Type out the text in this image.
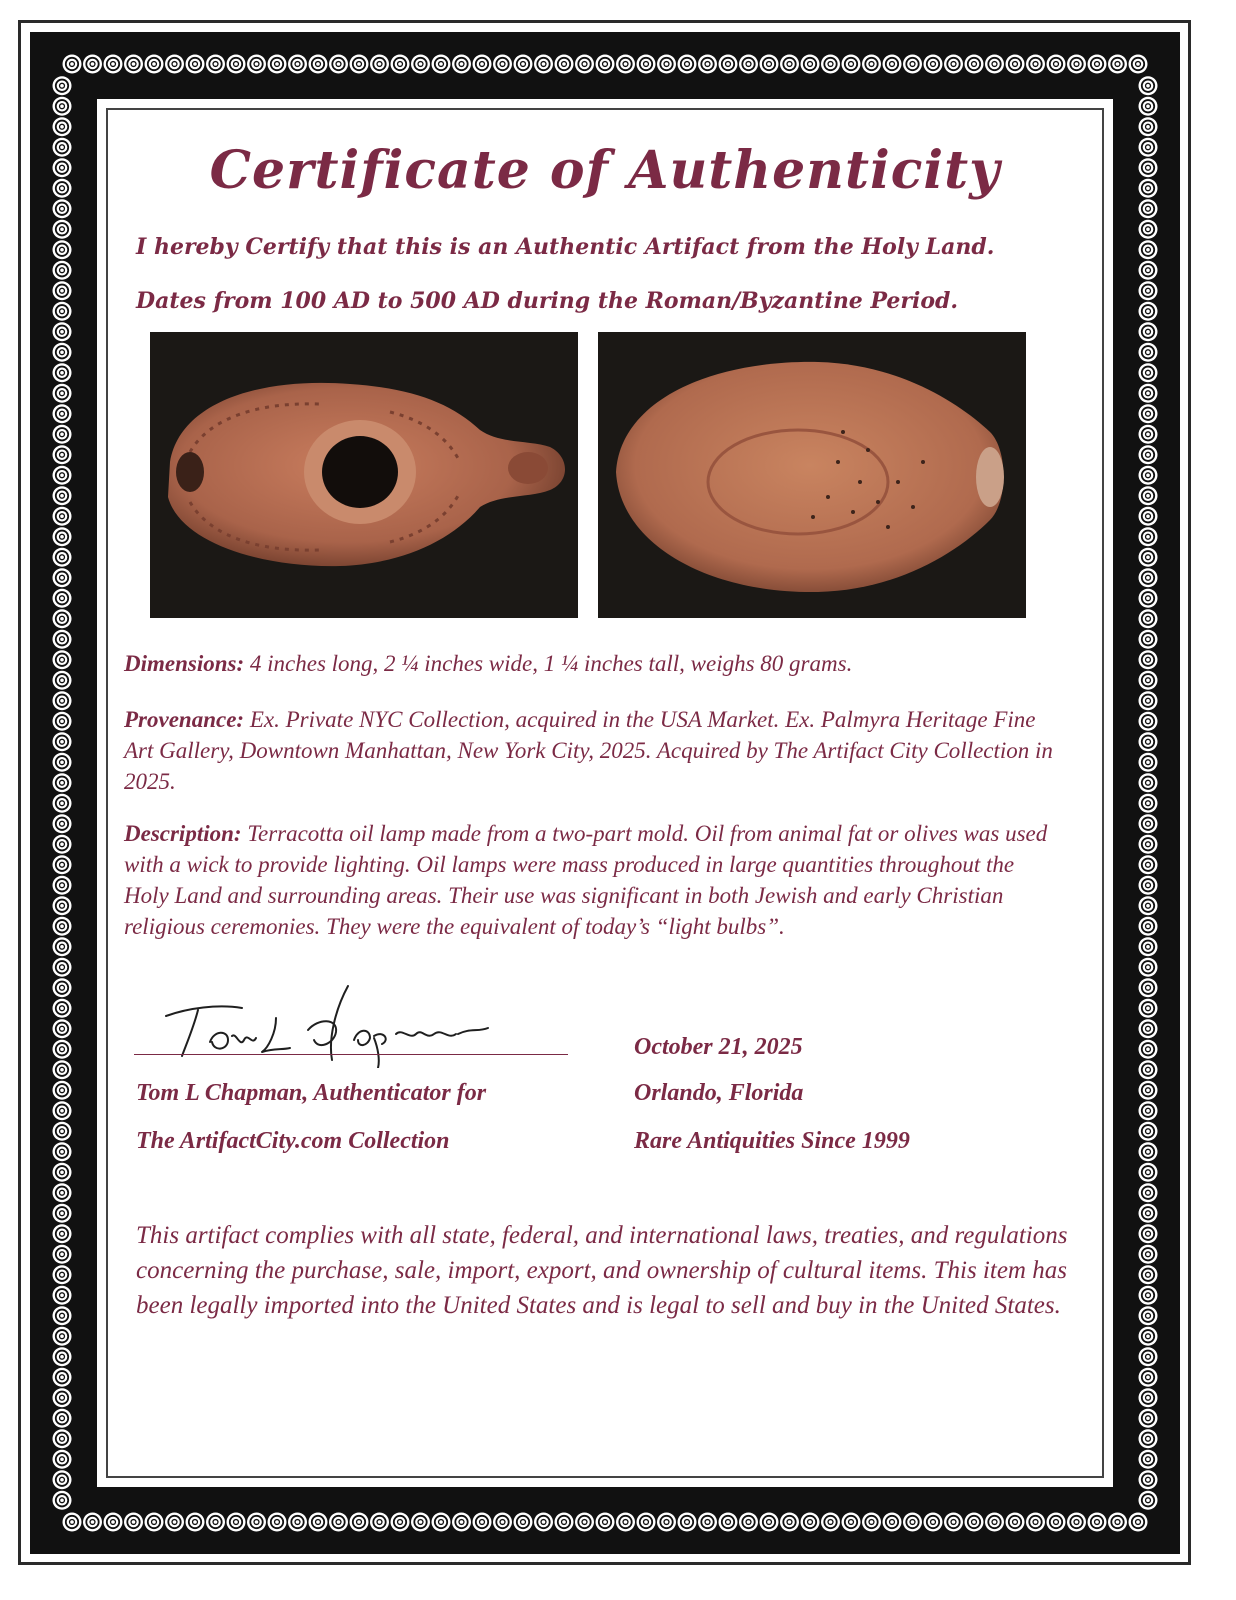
Certificate of Authenticity
I hereby Certify that this is an Authentic Artifact from the Holy Land.
Dates from 100 AD to 500 AD during the Roman/Byzantine Period.
Dimensions: 4 inches long, 2 ¼ inches wide, 1 ¼ inches tall, weighs 80 grams.
Provenance: Ex. Private NYC Collection, acquired in the USA Market. Ex. Palmyra Heritage Fine Art Gallery, Downtown Manhattan, New York City, 2025. Acquired by The Artifact City Collection in 2025.
Description: Terracotta oil lamp made from a two-part mold. Oil from animal fat or olives was used with a wick to provide lighting. Oil lamps were mass produced in large quantities throughout the Holy Land and surrounding areas. Their use was significant in both Jewish and early Christian religious ceremonies. They were the equivalent of today’s “light bulbs”.
Tom L Chapman, Authenticator for
The ArtifactCity.com Collection
October 21, 2025
Orlando, Florida
Rare Antiquities Since 1999
This artifact complies with all state, federal, and international laws, treaties, and regulations concerning the purchase, sale, import, export, and ownership of cultural items. This item has been legally imported into the United States and is legal to sell and buy in the United States.
